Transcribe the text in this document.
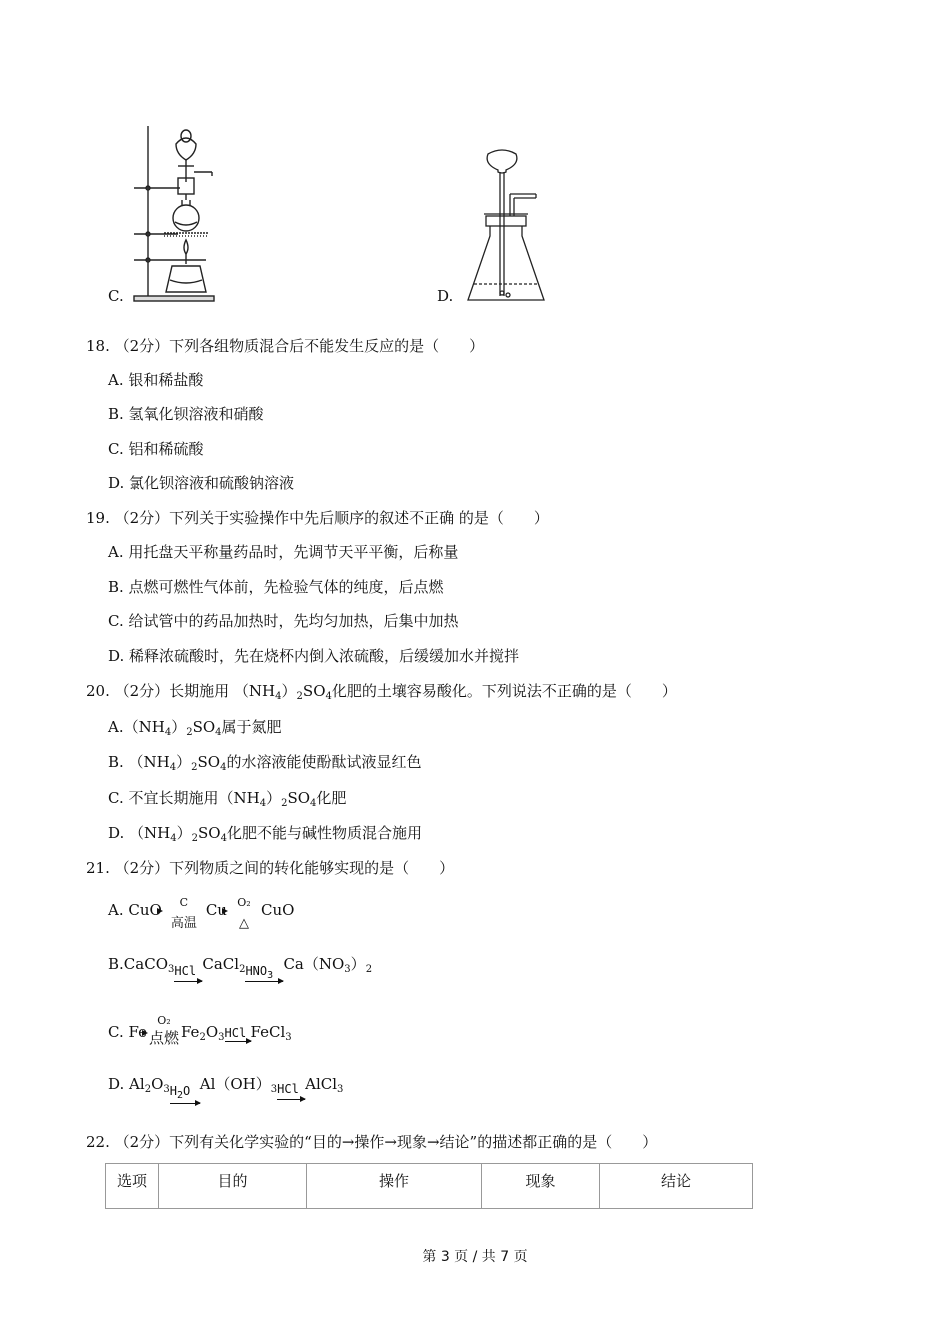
C.	D.
18. （2分）下列各组物质混合后不能发生反应的是（　　）
A. 银和稀盐酸
B. 氢氧化钡溶液和硝酸
C. 铝和稀硫酸
D. 氯化钡溶液和硫酸钠溶液
19. （2分）下列关于实验操作中先后顺序的叙述不正确 的是（　　）
A. 用托盘天平称量药品时，先调节天平平衡，后称量
B. 点燃可燃性气体前，先检验气体的纯度，后点燃
C. 给试管中的药品加热时，先均匀加热，后集中加热
D. 稀释浓硫酸时，先在烧杯内倒入浓硫酸，后缓缓加水并搅拌
20. （2分）长期施用 $(NH_4)_2SO_4$化肥的土壤容易酸化。下列说法不正确的是（　　）
$A.(NH_4)_2SO_4$属于氮肥
B. $(NH_4)_2SO_4$的水溶液能使酚酞试液显红色
C. 不宜长期施用$(NH_4)_2SO_4$化肥
D. $(NH_4)_2SO_4$化肥不能与碱性物质混合施用
21. （2分）下列物质之间的转化能够实现的是（　　）
A. CuO	C
高温
Cu O₂
△
CuO
B.CaCO$_3$ HCl CaCl$_2$ $HNO_3$
$Ca(NO_3)_2$
C. Fe
O₂
点燃 $Fe_2O_3$ HCl FeCl$_3$
D. $Al_2O_3$ $H_2O$ $Al(OH)_3$ HCl AlCl$_3$
22. （2分）下列有关化学实验的“目的→操作→现象→结论”的描述都正确的是（　　）
选项	目的	操作	现象	结论
第 3 页 / 共 7 页
